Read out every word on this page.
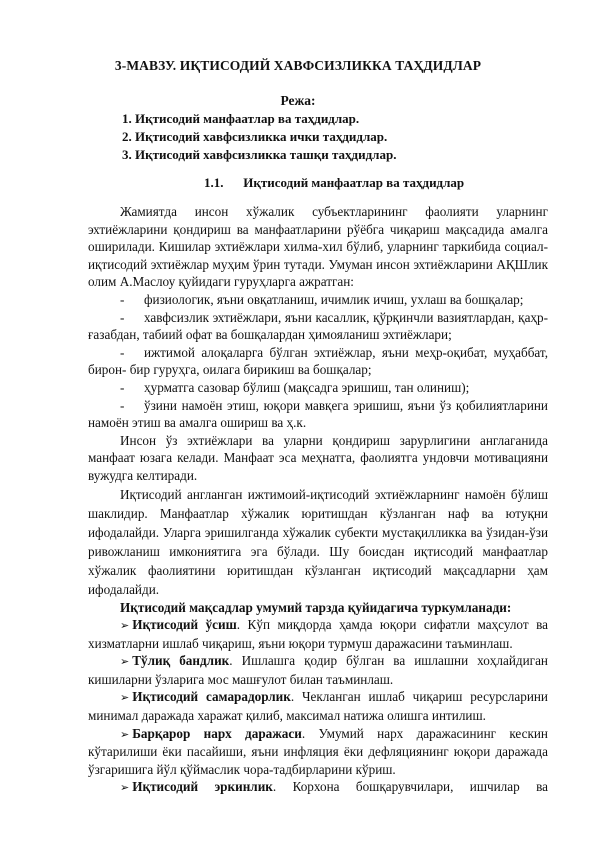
3-МАВЗУ. ИҚТИСОДИЙ ХАВФСИЗЛИККА ТАҲДИДЛАР
Режа:
1. Иқтисодий манфаатлар ва таҳдидлар.
2. Иқтисодий хавфсизликка ички таҳдидлар.
3. Иқтисодий хавфсизликка ташқи таҳдидлар.
1.1. Иқтисодий манфаатлар ва таҳдидлар

Жамиятда инсон хўжалик субъектларининг фаолияти уларнинг эхтиёжларини қондириш ва манфаатларини рўёбга чиқариш мақсадида амалга оширилади. Кишилар эхтиёжлари хилма-хил бўлиб, уларнинг таркибида социал-иқтисодий эхтиёжлар муҳим ўрин тутади. Умуман инсон эхтиёжларини АҚШлик олим А.Маслоу қуйидаги гуруҳларга ажратган:

- физиологик, яъни овқатланиш, ичимлик ичиш, ухлаш ва бошқалар;

- хавфсизлик эхтиёжлари, яъни касаллик, қўрқинчли вазиятлардан, қаҳр-ғазабдан, табиий офат ва бошқалардан ҳимояланиш эхтиёжлари;

- ижтимой алоқаларга бўлган эхтиёжлар, яъни меҳр-оқибат, муҳаббат, бирон- бир гуруҳга, оилага бирикиш ва бошқалар;

- ҳурматга сазовар бўлиш (мақсадга эришиш, тан олиниш);

- ўзини намоён этиш, юқори мавқега эришиш, яъни ўз қобилиятларини намоён этиш ва амалга ошириш ва ҳ.к.

Инсон ўз эхтиёжлари ва уларни қондириш зарурлигини англаганида манфаат юзага келади. Манфаат эса меҳнатга, фаолиятга ундовчи мотивацияни вужудга келтиради.

Иқтисодий англанган ижтимоий-иқтисодий эхтиёжларнинг намоён бўлиш шаклидир. Манфаатлар хўжалик юритишдан кўзланган наф ва ютуқни ифодалайди. Уларга эришилганда хўжалик субекти мустақилликка ва ўзидан-ўзи ривожланиш имкониятига эга бўлади. Шу боисдан иқтисодий манфаатлар хўжалик фаолиятини юритишдан кўзланган иқтисодий мақсадларни ҳам ифодалайди.

Иқтисодий мақсадлар умумий тарзда қуйидагича туркумланади:

➢ Иқтисодий ўсиш. Кўп миқдорда ҳамда юқори сифатли маҳсулот ва хизматларни ишлаб чиқариш, яъни юқори турмуш даражасини таъминлаш.

➢ Тўлиқ бандлик. Ишлашга қодир бўлган ва ишлашни хоҳлайдиган кишиларни ўзларига мос машғулот билан таъминлаш.

➢ Иқтисодий самарадорлик. Чекланган ишлаб чиқариш ресурсларини минимал даражада харажат қилиб, максимал натижа олишга интилиш.

➢ Барқарор нарх даражаси. Умумий нарх даражасининг кескин кўтарилиши ёки пасайиши, яъни инфляция ёки дефляциянинг юқори даражада ўзгаришига йўл қўймаслик чора-тадбирларини кўриш.

➢ Иқтисодий эркинлик. Корхона бошқарувчилари, ишчилар ва
